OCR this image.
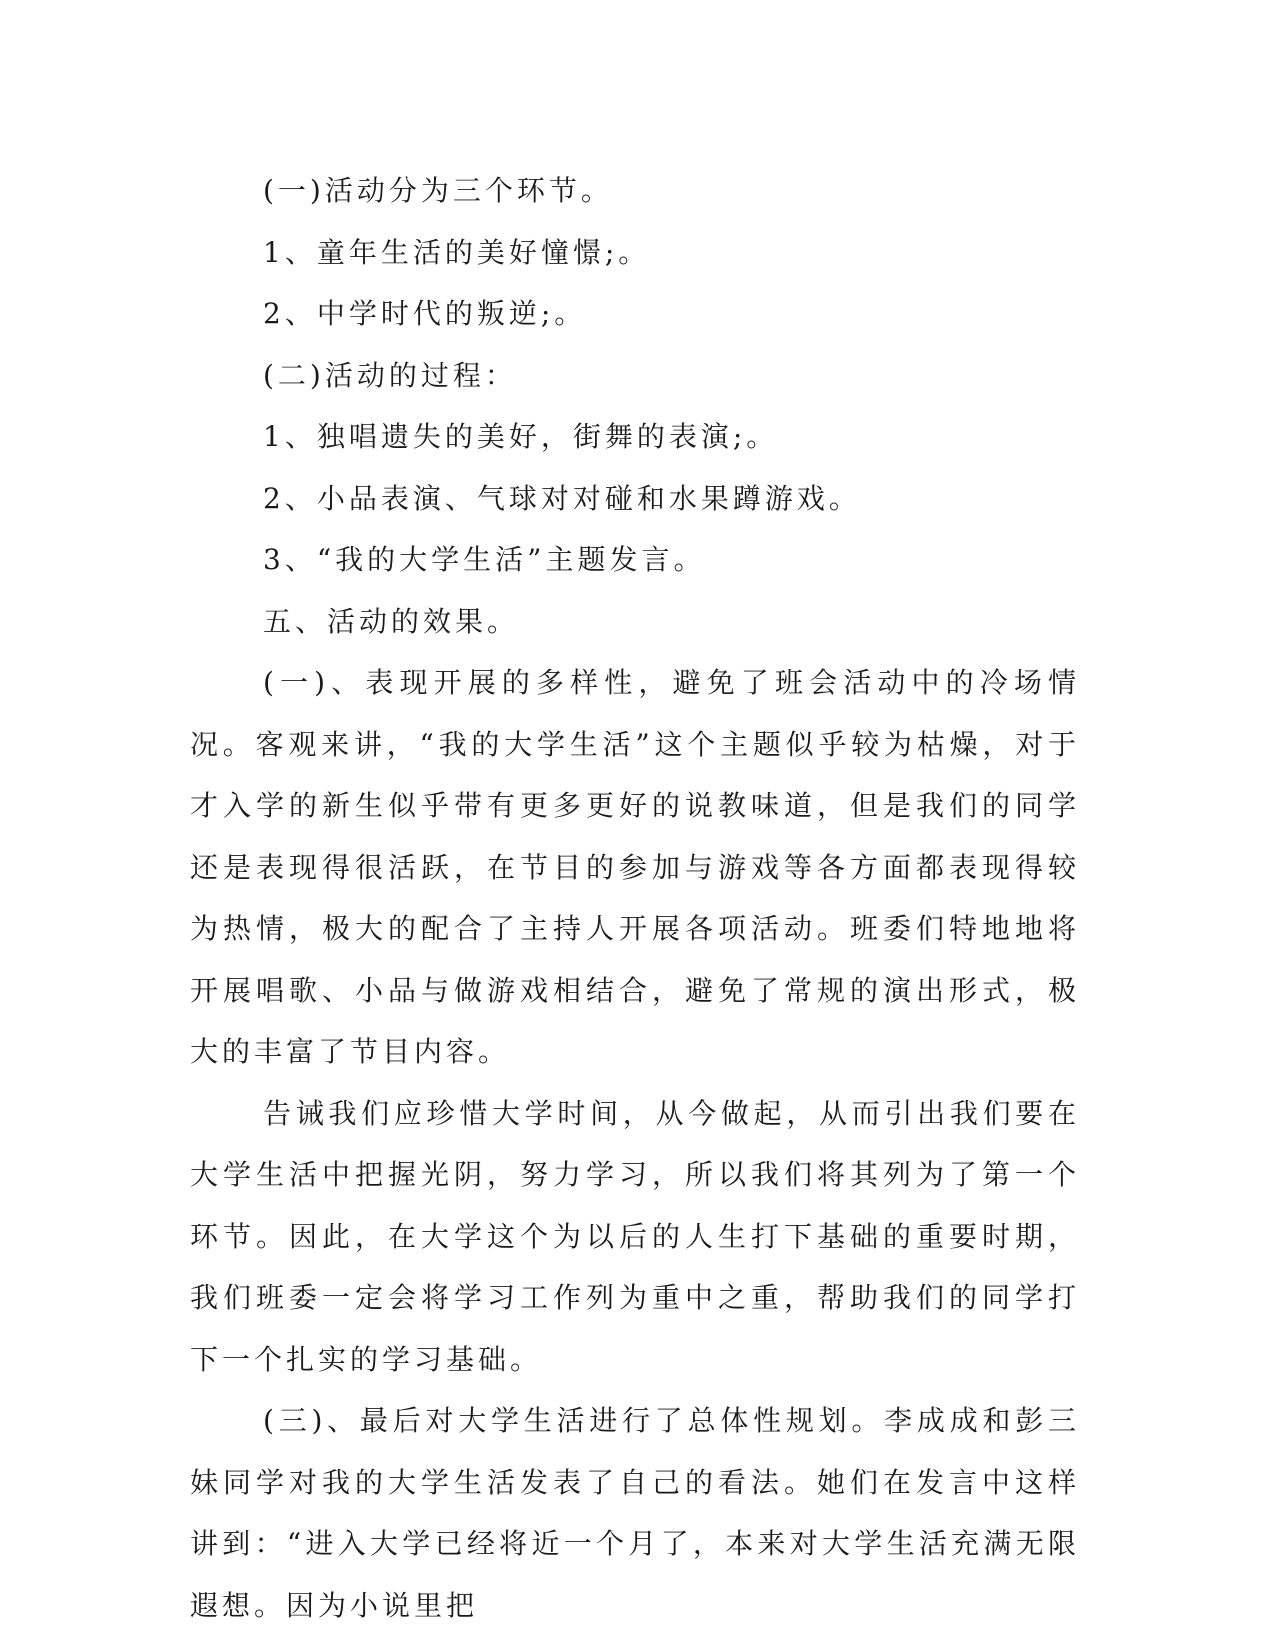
(一)活动分为三个环节。

1、童年生活的美好憧憬;。

2、中学时代的叛逆;。

(二)活动的过程：

1、独唱遗失的美好，街舞的表演;。

2、小品表演、气球对对碰和水果蹲游戏。

3、“我的大学生活”主题发言。

五、活动的效果。

(一)、表现开展的多样性，避免了班会活动中的冷场情况。客观来讲，“我的大学生活”这个主题似乎较为枯燥，对于才入学的新生似乎带有更多更好的说教味道，但是我们的同学还是表现得很活跃，在节目的参加与游戏等各方面都表现得较为热情，极大的配合了主持人开展各项活动。班委们特地地将开展唱歌、小品与做游戏相结合，避免了常规的演出形式，极大的丰富了节目内容。

告诫我们应珍惜大学时间，从今做起，从而引出我们要在大学生活中把握光阴，努力学习，所以我们将其列为了第一个环节。因此，在大学这个为以后的人生打下基础的重要时期，我们班委一定会将学习工作列为重中之重，帮助我们的同学打下一个扎实的学习基础。

(三)、最后对大学生活进行了总体性规划。李成成和彭三妹同学对我的大学生活发表了自己的看法。她们在发言中这样讲到：“进入大学已经将近一个月了，本来对大学生活充满无限遐想。因为小说里把
